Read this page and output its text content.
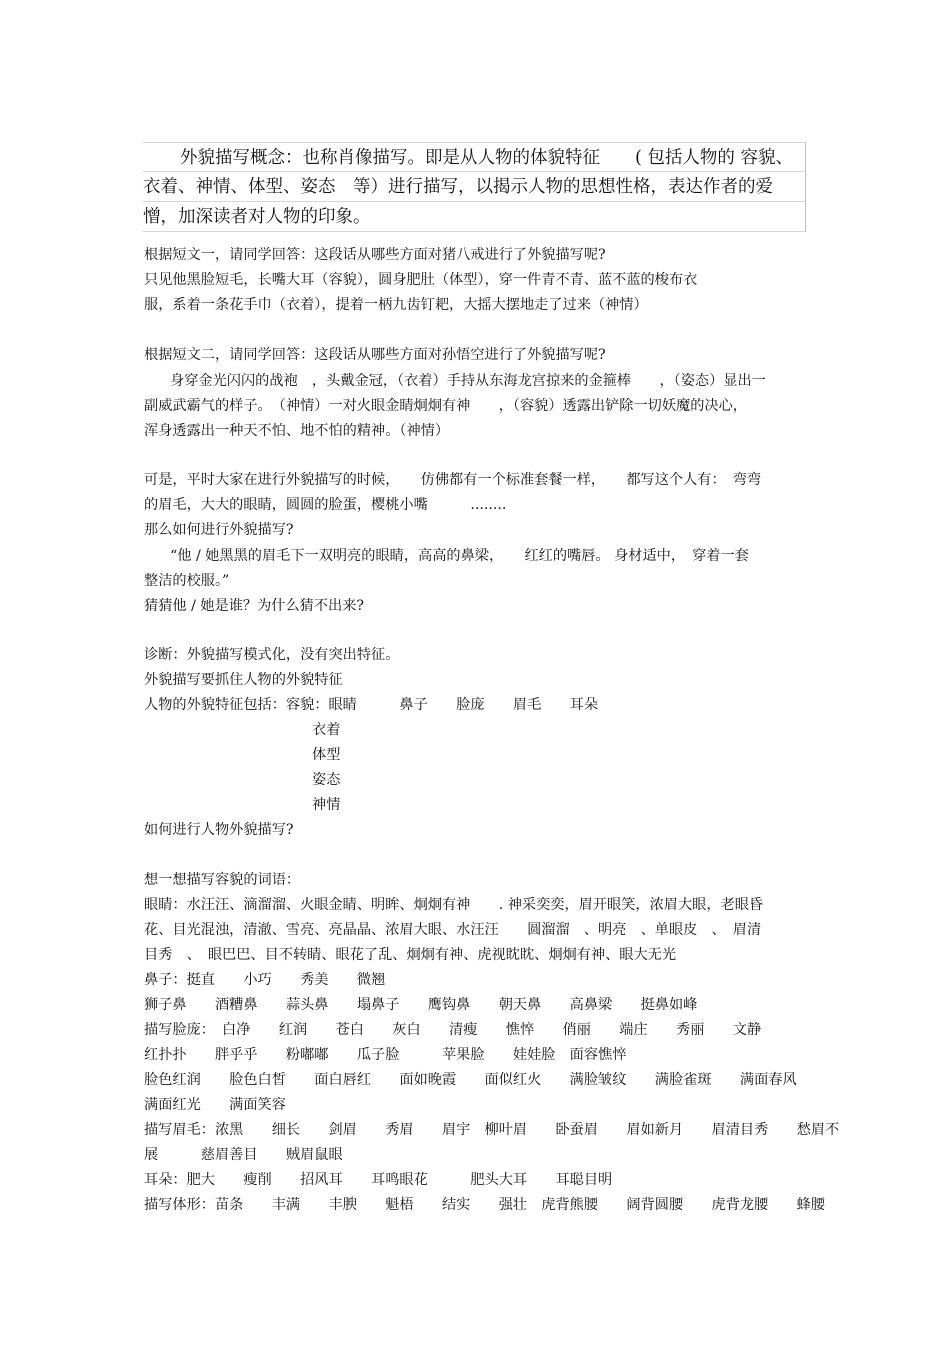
外貌描写概念：也称肖像描写。即是从人物的体貌特征　　( 包括人物的 容貌、
衣着、神情、体型、姿态　等）进行描写，以揭示人物的思想性格，表达作者的爱
憎，加深读者对人物的印象。
根据短文一，请同学回答：这段话从哪些方面对猪八戒进行了外貌描写呢?
只见他黑脸短毛，长嘴大耳（容貌），圆身肥肚（体型），穿一件青不青、蓝不蓝的梭布衣
服，系着一条花手巾（衣着），提着一柄九齿钉耙，大摇大摆地走了过来（神情）
根据短文二，请同学回答：这段话从哪些方面对孙悟空进行了外貌描写呢?
身穿金光闪闪的战袍　，头戴金冠，（衣着）手持从东海龙宫掠来的金箍棒　　，（姿态）显出一
副威武霸气的样子。　（神情）一对火眼金睛炯炯有神　　，（容貌）透露出铲除一切妖魔的决心，
浑身透露出一种天不怕、地不怕的精神。（神情）
可是，平时大家在进行外貌描写的时候，　　仿佛都有一个标准套餐一样，　　都写这个人有：　弯弯
的眉毛，大大的眼睛，圆圆的脸蛋，樱桃小嘴　　　........
那么如何进行外貌描写?
“他 / 她黑黑的眉毛下一双明亮的眼睛，高高的鼻梁，　　红红的嘴唇。 身材适中，　穿着一套
整洁的校服。”
猜猜他 / 她是谁？为什么猜不出来?
诊断：外貌描写模式化，没有突出特征。
外貌描写要抓住人物的外貌特征
人物的外貌特征包括：容貌：眼睛　　　鼻子　　脸庞　　眉毛　　耳朵
衣着
体型
姿态
神情
如何进行人物外貌描写?
想一想描写容貌的词语：
眼睛：水汪汪、滴溜溜、火眼金睛、明眸、炯炯有神　　. 神采奕奕，眉开眼笑，浓眉大眼，老眼昏
花、目光混浊，清澈、雪亮、亮晶晶、浓眉大眼、水汪汪　　圆溜溜　、明亮　、单眼皮　、　眉清
目秀　、　眼巴巴、目不转睛、眼花了乱、炯炯有神、虎视眈眈、炯炯有神、眼大无光
鼻子：挺直　　小巧　　秀美　　微翘
狮子鼻　　酒糟鼻　　蒜头鼻　　塌鼻子　　鹰钩鼻　　朝天鼻　　高鼻梁　　挺鼻如峰
描写脸庞：　白净　　红润　　苍白　　灰白　　清瘦　　憔悴　　俏丽　　端庄　　秀丽　　文静
红扑扑　　胖乎乎　　粉嘟嘟　　瓜子脸　　　苹果脸　　娃娃脸　面容憔悴
脸色红润　　脸色白皙　　面白唇红　　面如晚霞　　面似红火　　满脸皱纹　　满脸雀斑　　满面春风
满面红光　　满面笑容
描写眉毛：浓黑　　细长　　剑眉　　秀眉　　眉宇　柳叶眉　　卧蚕眉　　眉如新月　　眉清目秀　　愁眉不
展　　　慈眉善目　　贼眉鼠眼
耳朵：肥大　　瘦削　　招风耳　　耳鸣眼花　　　肥头大耳　　耳聪目明
描写体形：苗条　　丰满　　丰腴　　魁梧　　结实　　强壮　虎背熊腰　　阔背圆腰　　虎背龙腰　　蜂腰
